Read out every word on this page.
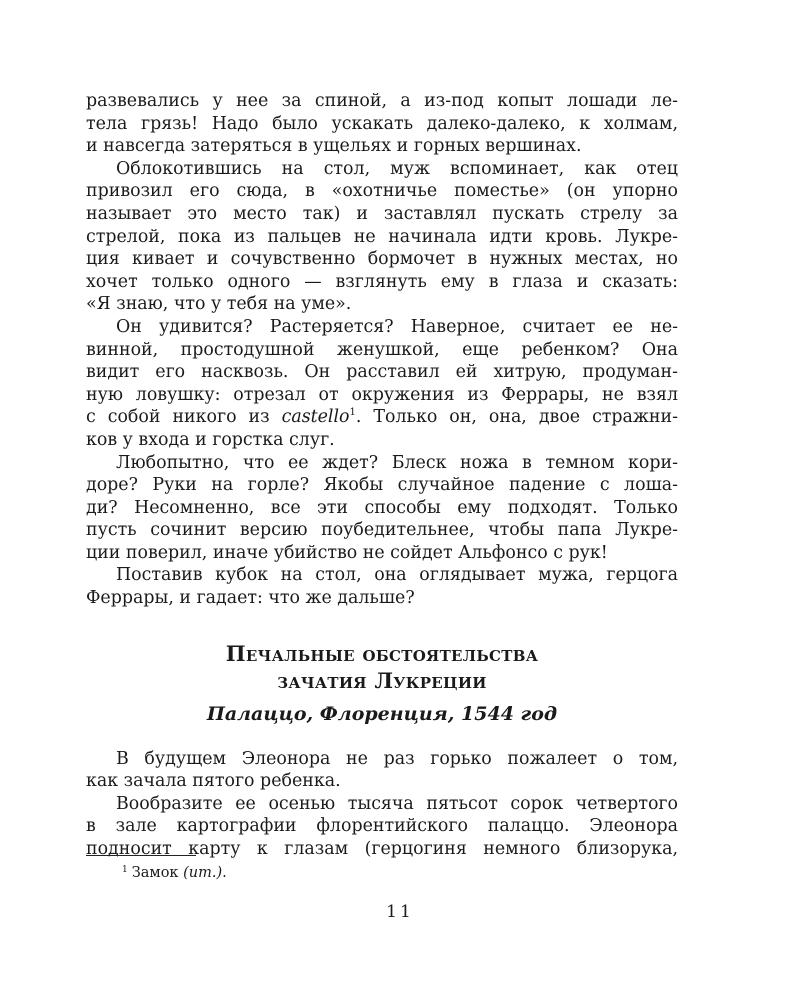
развевались у нее за спиной, а из-под копыт лошади ле-
тела грязь! Надо было ускакать далеко-далеко, к холмам,
и навсегда затеряться в ущельях и горных вершинах.
Облокотившись на стол, муж вспоминает, как отец
привозил его сюда, в «охотничье поместье» (он упорно
называет это место так) и заставлял пускать стрелу за
стрелой, пока из пальцев не начинала идти кровь. Лукре-
ция кивает и сочувственно бормочет в нужных местах, но
хочет только одного — взглянуть ему в глаза и сказать:
«Я знаю, что у тебя на уме».
Он удивится? Растеряется? Наверное, считает ее не-
винной, простодушной женушкой, еще ребенком? Она
видит его насквозь. Он расставил ей хитрую, продуман-
ную ловушку: отрезал от окружения из Феррары, не взял
с собой никого из castello$^1$. Только он, она, двое стражни-
ков у входа и горстка слуг.
Любопытно, что ее ждет? Блеск ножа в темном кори-
доре? Руки на горле? Якобы случайное падение с лоша-
ди? Несомненно, все эти способы ему подходят. Только
пусть сочинит версию поубедительнее, чтобы папа Лукре-
ции поверил, иначе убийство не сойдет Альфонсо с рук!
Поставив кубок на стол, она оглядывает мужа, герцога
Феррары, и гадает: что же дальше?

Печальные обстоятельства

зачатия Лукреции

Палаццо, Флоренция, 1544 год

В будущем Элеонора не раз горько пожалеет о том,
как зачала пятого ребенка.
Вообразите ее осенью тысяча пятьсот сорок четвертого
в зале картографии флорентийского палаццо. Элеонора
подносит карту к глазам (герцогиня немного близорука,
$^1$ Замок (ит.).
11
